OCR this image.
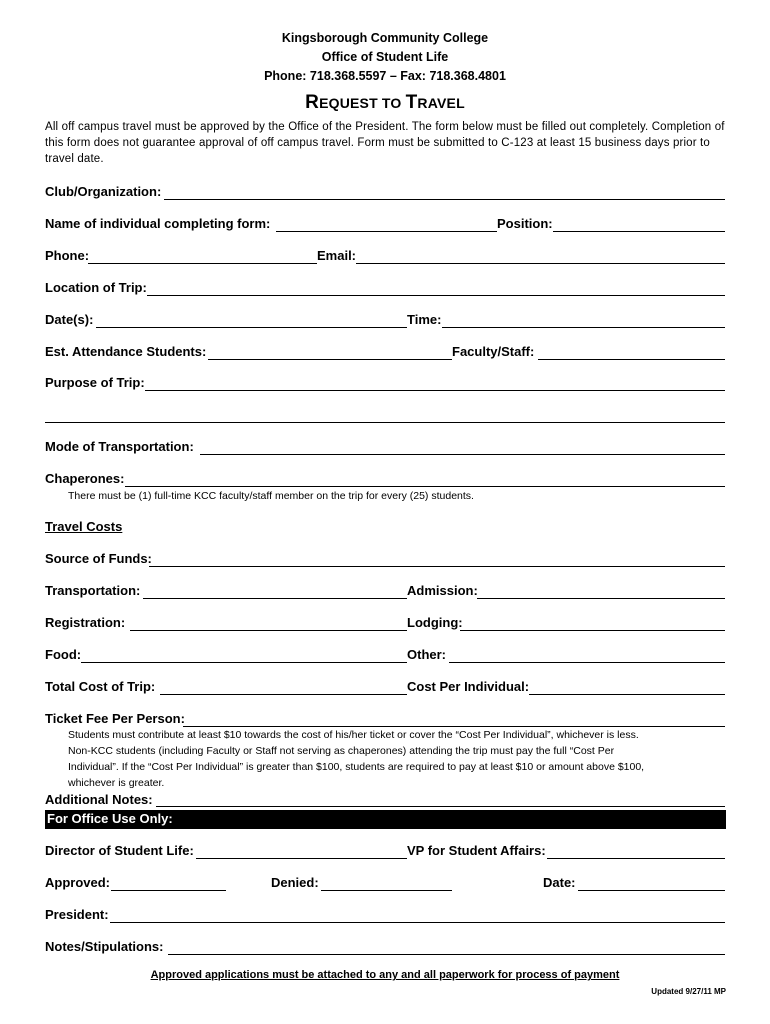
Kingsborough Community College
Office of Student Life
Phone: 718.368.5597 – Fax: 718.368.4801
REQUEST TO TRAVEL
All off campus travel must be approved by the Office of the President. The form below must be filled out completely. Completion of this form does not guarantee approval of off campus travel. Form must be submitted to C-123 at least 15 business days prior to travel date.
Club/Organization:
Name of individual completing form:	Position:
Phone:	Email:
Location of Trip:
Date(s):	Time:
Est. Attendance Students:	Faculty/Staff:
Purpose of Trip:
Mode of Transportation:
Chaperones:
There must be (1) full-time KCC faculty/staff member on the trip for every (25) students.
Travel Costs
Source of Funds:
Transportation:	Admission:
Registration:	Lodging:
Food:	Other:
Total Cost of Trip:	Cost Per Individual:
Ticket Fee Per Person:
Students must contribute at least $10 towards the cost of his/her ticket or cover the “Cost Per Individual”, whichever is less.
Non-KCC students (including Faculty or Staff not serving as chaperones) attending the trip must pay the full “Cost Per
Individual”. If the “Cost Per Individual” is greater than $100, students are required to pay at least $10 or amount above $100,
whichever is greater.
Additional Notes:
For Office Use Only:
Director of Student Life:	VP for Student Affairs:
Approved:	Denied:	Date:
President:
Notes/Stipulations:
Approved applications must be attached to any and all paperwork for process of payment
Updated 9/27/11 MP
